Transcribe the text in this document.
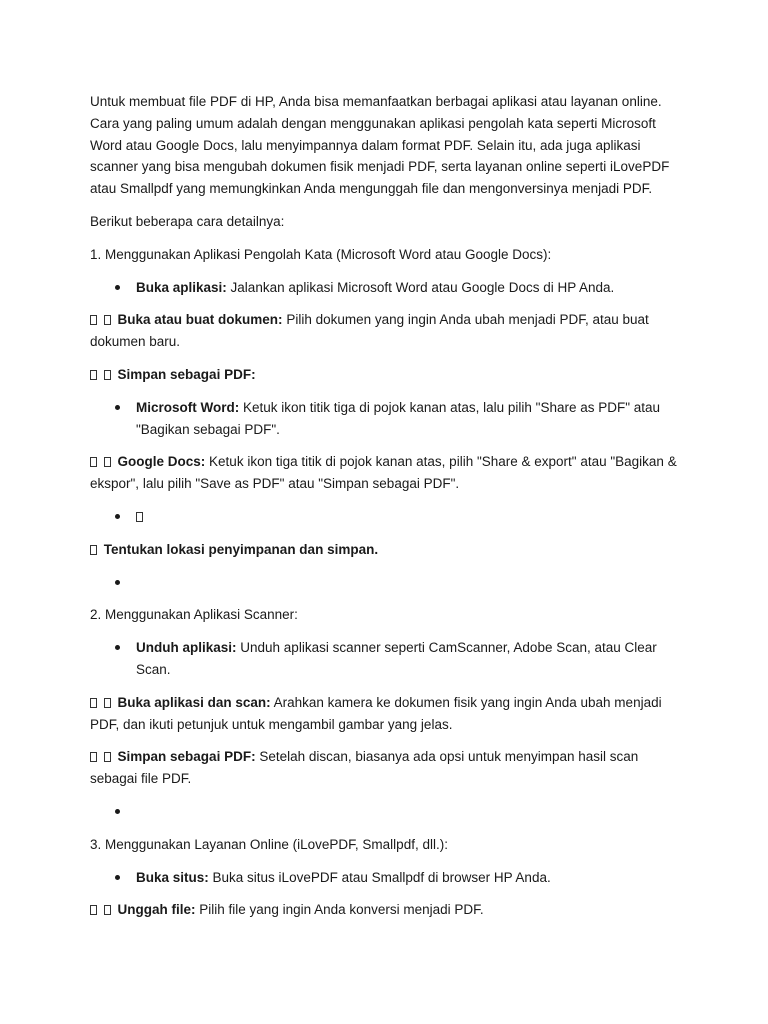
Untuk membuat file PDF di HP, Anda bisa memanfaatkan berbagai aplikasi atau layanan online. Cara yang paling umum adalah dengan menggunakan aplikasi pengolah kata seperti Microsoft Word atau Google Docs, lalu menyimpannya dalam format PDF. Selain itu, ada juga aplikasi scanner yang bisa mengubah dokumen fisik menjadi PDF, serta layanan online seperti iLovePDF atau Smallpdf yang memungkinkan Anda mengunggah file dan mengonversinya menjadi PDF.

Berikut beberapa cara detailnya:

1. Menggunakan Aplikasi Pengolah Kata (Microsoft Word atau Google Docs):

Buka aplikasi: Jalankan aplikasi Microsoft Word atau Google Docs di HP Anda.

Buka atau buat dokumen: Pilih dokumen yang ingin Anda ubah menjadi PDF, atau buat dokumen baru.

Simpan sebagai PDF:

Microsoft Word: Ketuk ikon titik tiga di pojok kanan atas, lalu pilih "Share as PDF" atau "Bagikan sebagai PDF".

Google Docs: Ketuk ikon tiga titik di pojok kanan atas, pilih "Share & export" atau "Bagikan & ekspor", lalu pilih "Save as PDF" atau "Simpan sebagai PDF".

Tentukan lokasi penyimpanan dan simpan.

2. Menggunakan Aplikasi Scanner:

Unduh aplikasi: Unduh aplikasi scanner seperti CamScanner, Adobe Scan, atau Clear Scan.

Buka aplikasi dan scan: Arahkan kamera ke dokumen fisik yang ingin Anda ubah menjadi PDF, dan ikuti petunjuk untuk mengambil gambar yang jelas.

Simpan sebagai PDF: Setelah discan, biasanya ada opsi untuk menyimpan hasil scan sebagai file PDF.

3. Menggunakan Layanan Online (iLovePDF, Smallpdf, dll.):

Buka situs: Buka situs iLovePDF atau Smallpdf di browser HP Anda.

Unggah file: Pilih file yang ingin Anda konversi menjadi PDF.
